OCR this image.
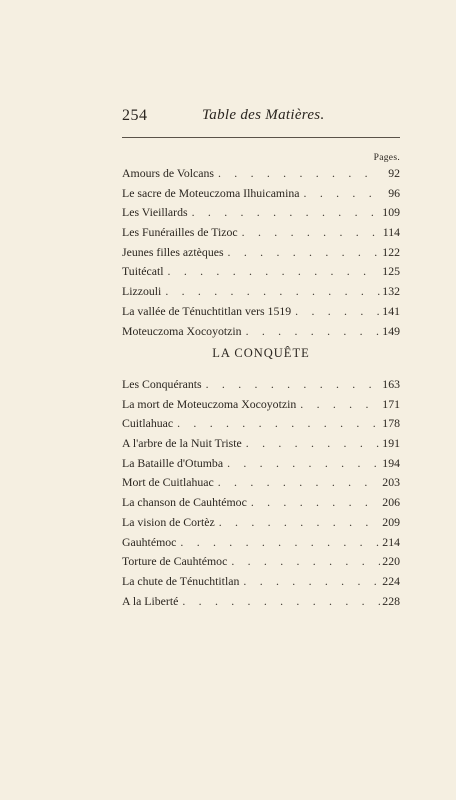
254	Table des Matières.
Pages.
Amours de Volcans . . .	92
Le sacre de Moteuczoma Ilhuicamina . . .	96
Les Vieillards . . .	109
Les Funérailles de Tizoc . . .	114
Jeunes filles aztèques . . .	122
Tuitécatl . . .	125
Lizzouli . . .	132
La vallée de Ténuchtitlan vers 1519 . . .	141
Moteuczoma Xocoyotzin . . .	149
LA CONQUÊTE
Les Conquérants . . .	163
La mort de Moteuczoma Xocoyotzin . . .	171
Cuitlahuac . . .	178
A l'arbre de la Nuit Triste . . .	191
La Bataille d'Otumba . . .	194
Mort de Cuitlahuac . . .	203
La chanson de Cauhtémoc . . .	206
La vision de Cortèz . . .	209
Gauhtémoc . . .	214
Torture de Cauhtémoc . . .	220
La chute de Ténuchtitlan . . .	224
A la Liberté . . .	228
